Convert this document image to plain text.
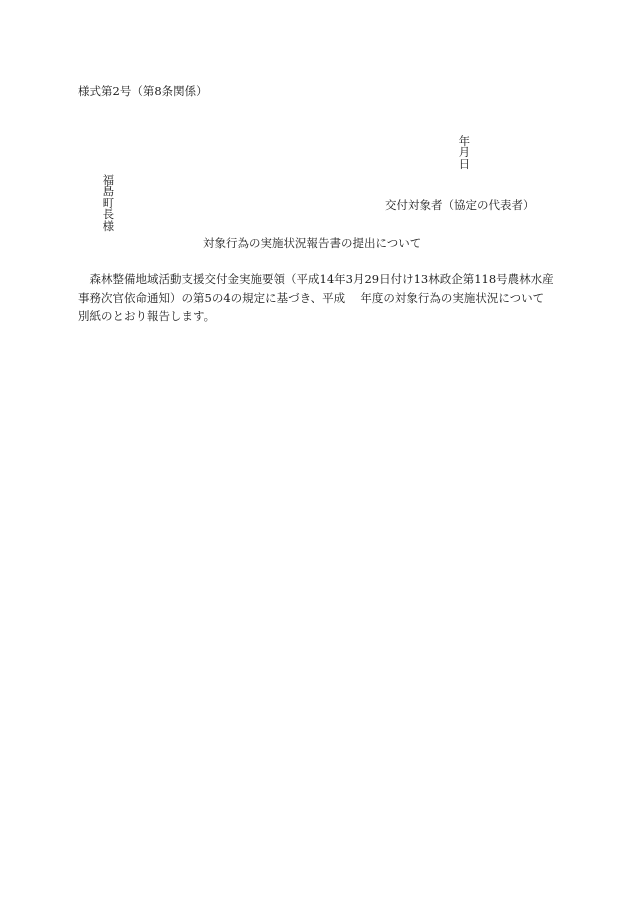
様式第2号（第8条関係）

年
月
日

福
島
町
長
様

交付対象者（協定の代表者）
対象行為の実施状況報告書の提出について
　森林整備地域活動支援交付金実施要領（平成14年3月29日付け13林政企第118号農林水産
事務次官依命通知）の第5の4の規定に基づき、平成　 年度の対象行為の実施状況について
別紙のとおり報告します。
